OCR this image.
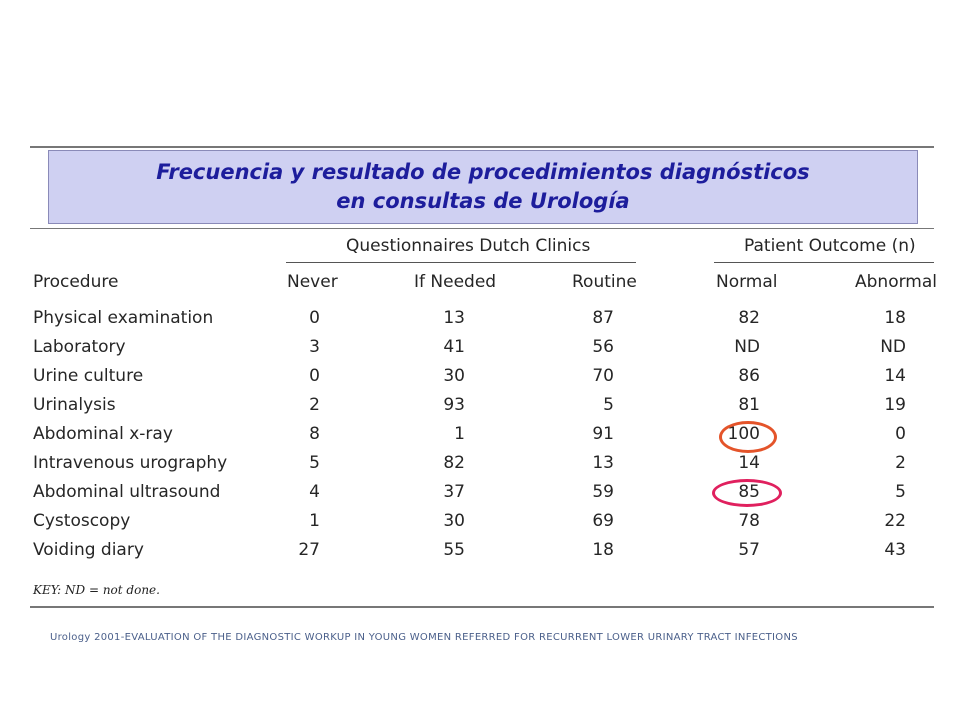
Frecuencia y resultado de procedimientos diagnósticos
en consultas de Urología
Questionnaires Dutch Clinics	Patient Outcome (n)
Procedure	Never	If Needed	Routine	Normal	Abnormal
Physical examination	0	13	87	82	18
Laboratory	3	41	56	ND	ND
Urine culture	0	30	70	86	14
Urinalysis	2	93	5	81	19
Abdominal x-ray	8	1	91	100	0
Intravenous urography	5	82	13	14	2
Abdominal ultrasound	4	37	59	85	5
Cystoscopy	1	30	69	78	22
Voiding diary	27	55	18	57	43
KEY: ND = not done.
Urology 2001-EVALUATION OF THE DIAGNOSTIC WORKUP IN YOUNG WOMEN REFERRED FOR RECURRENT LOWER URINARY TRACT INFECTIONS
